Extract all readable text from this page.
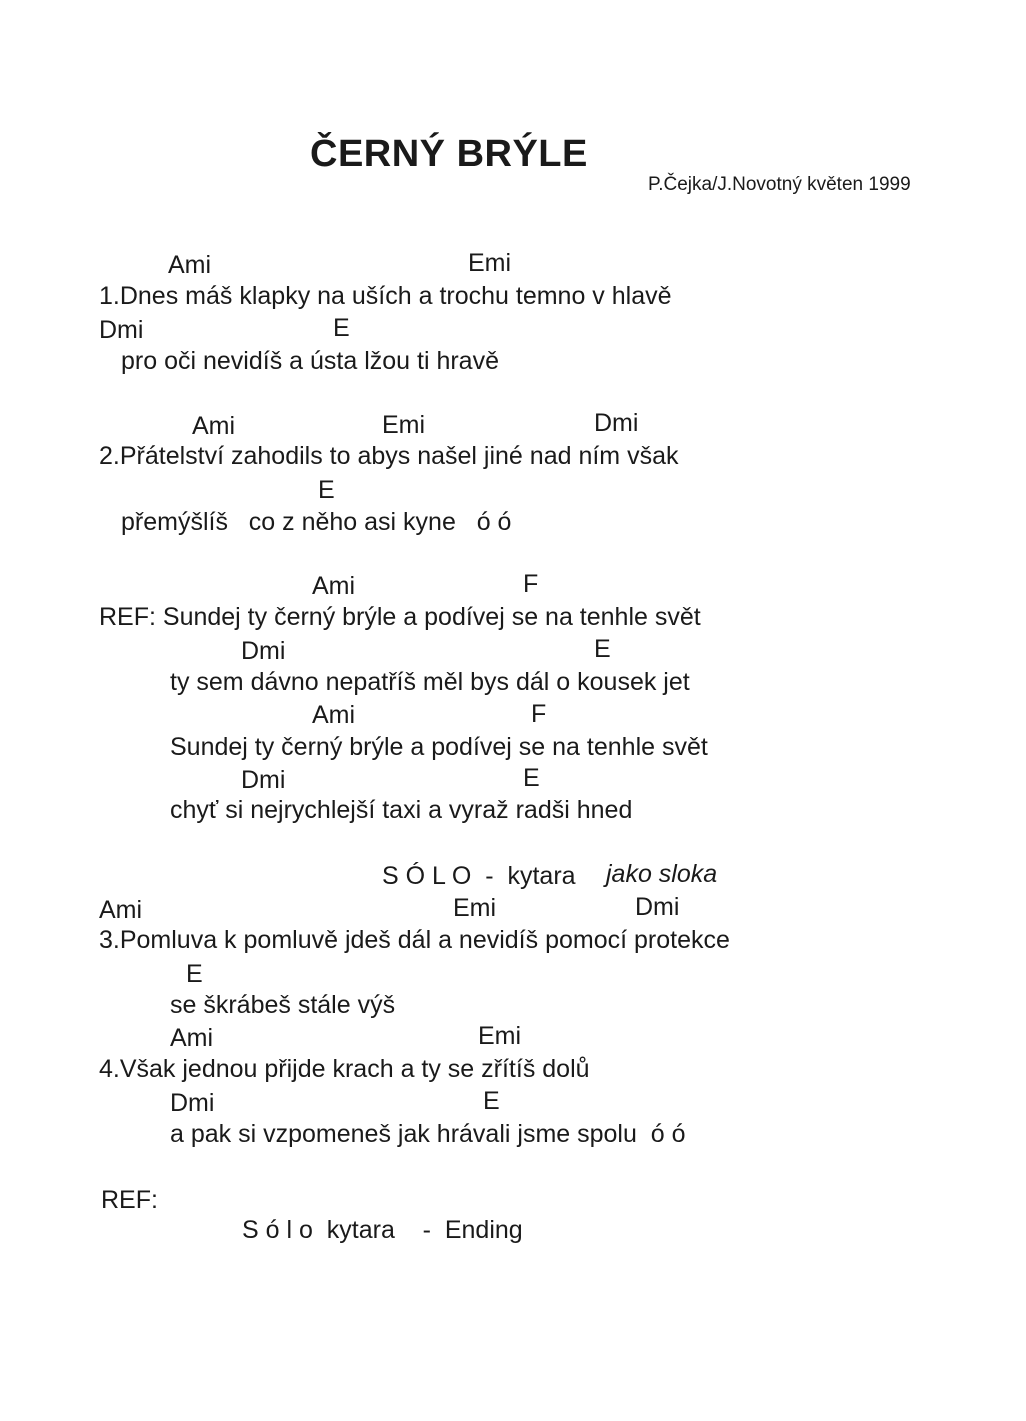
ČERNÝ BRÝLE
P.Čejka/J.Novotný květen 1999
Ami	Emi
1.Dnes máš klapky na uších a trochu temno v hlavě
Dmi	E
pro oči nevidíš a ústa lžou ti hravě
Ami	Emi	Dmi
2.Přátelství zahodils to abys našel jiné nad ním však
E
přemýšlíš   co z něho asi kyne   ó ó
Ami	F
REF: Sundej ty černý brýle a podívej se na tenhle svět
Dmi	E
ty sem dávno nepatříš měl bys dál o kousek jet
Ami	F
Sundej ty černý brýle a podívej se na tenhle svět
Dmi	E
chyť si nejrychlejší taxi a vyraž radši hned
S Ó L O  -  kytara jako sloka
Ami	Emi	Dmi
3.Pomluva k pomluvě jdeš dál a nevidíš pomocí protekce
E
se škrábeš stále výš
Ami	Emi
4.Však jednou přijde krach a ty se zřítíš dolů
Dmi	E
a pak si vzpomeneš jak hrávali jsme spolu  ó ó
REF:
S ó l o  kytara    -  Ending
